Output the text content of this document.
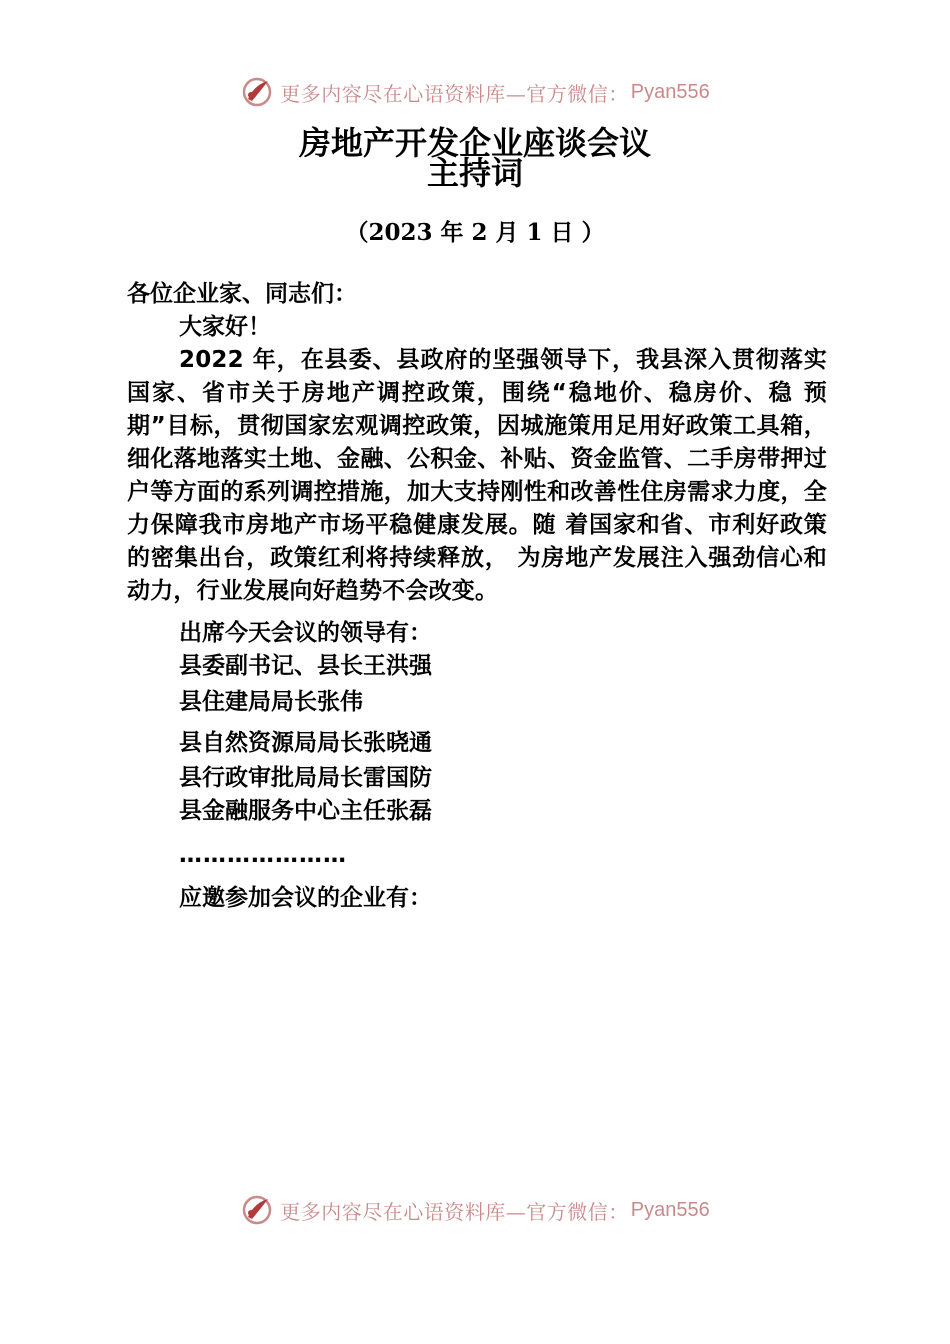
更多内容尽在心语资料库—官方微信： Pyan556
房地产开发企业座谈会议
主持词
（2023 年 2 月 1 日 ）
各位企业家、同志们：
大家好！
2022 年，在县委、县政府的坚强领导下，我县深入贯彻落实国家、省市关于房地产调控政策，围绕“稳地价、稳房价、稳 预期”目标，贯彻国家宏观调控政策，因城施策用足用好政策工具箱，细化落地落实土地、金融、公积金、补贴、资金监管、二手房带押过户等方面的系列调控措施，加大支持刚性和改善性住房需求力度，全力保障我市房地产市场平稳健康发展。随 着国家和省、市利好政策的密集出台，政策红利将持续释放， 为房地产发展注入强劲信心和动力，行业发展向好趋势不会改变。
出席今天会议的领导有：
县委副书记、县长王洪强
县住建局局长张伟
县自然资源局局长张晓通
县行政审批局局长雷国防
县金融服务中心主任张磊
…………………
应邀参加会议的企业有：
更多内容尽在心语资料库—官方微信： Pyan556
